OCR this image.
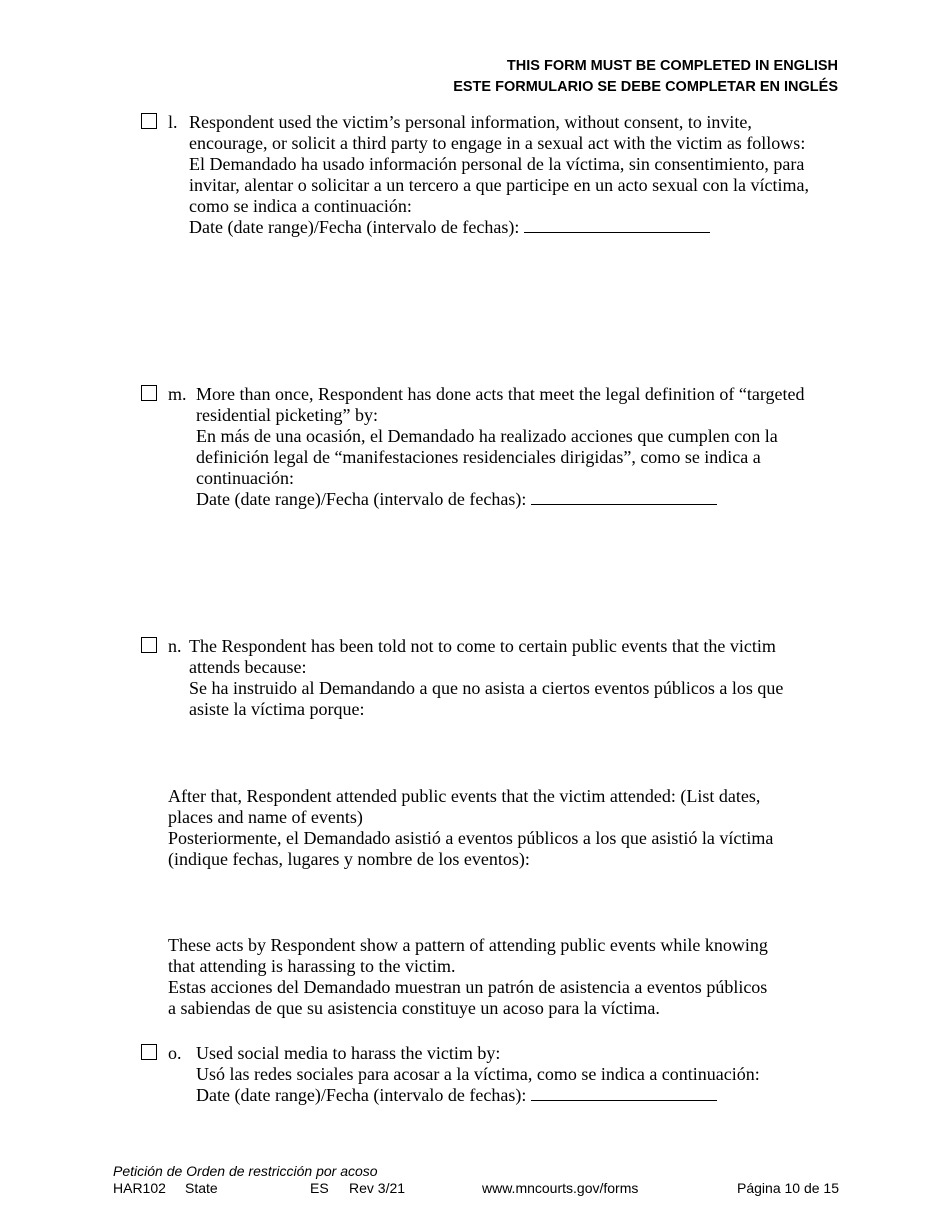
THIS FORM MUST BE COMPLETED IN ENGLISH
ESTE FORMULARIO SE DEBE COMPLETAR EN INGLÉS
l. Respondent used the victim’s personal information, without consent, to invite,
encourage, or solicit a third party to engage in a sexual act with the victim as follows:
El Demandado ha usado información personal de la víctima, sin consentimiento, para
invitar, alentar o solicitar a un tercero a que participe en un acto sexual con la víctima,
como se indica a continuación:
Date (date range)/Fecha (intervalo de fechas):
m. More than once, Respondent has done acts that meet the legal definition of “targeted
residential picketing” by:
En más de una ocasión, el Demandado ha realizado acciones que cumplen con la
definición legal de “manifestaciones residenciales dirigidas”, como se indica a
continuación:
Date (date range)/Fecha (intervalo de fechas):
n. The Respondent has been told not to come to certain public events that the victim
attends because:
Se ha instruido al Demandando a que no asista a ciertos eventos públicos a los que
asiste la víctima porque:
After that, Respondent attended public events that the victim attended: (List dates,
places and name of events)
Posteriormente, el Demandado asistió a eventos públicos a los que asistió la víctima
(indique fechas, lugares y nombre de los eventos):
These acts by Respondent show a pattern of attending public events while knowing
that attending is harassing to the victim.
Estas acciones del Demandado muestran un patrón de asistencia a eventos públicos
a sabiendas de que su asistencia constituye un acoso para la víctima.
o. Used social media to harass the victim by:
Usó las redes sociales para acosar a la víctima, como se indica a continuación:
Date (date range)/Fecha (intervalo de fechas):
Petición de Orden de restricción por acoso
HAR102 State	ES Rev 3/21	www.mncourts.gov/forms	Página 10 de 15
